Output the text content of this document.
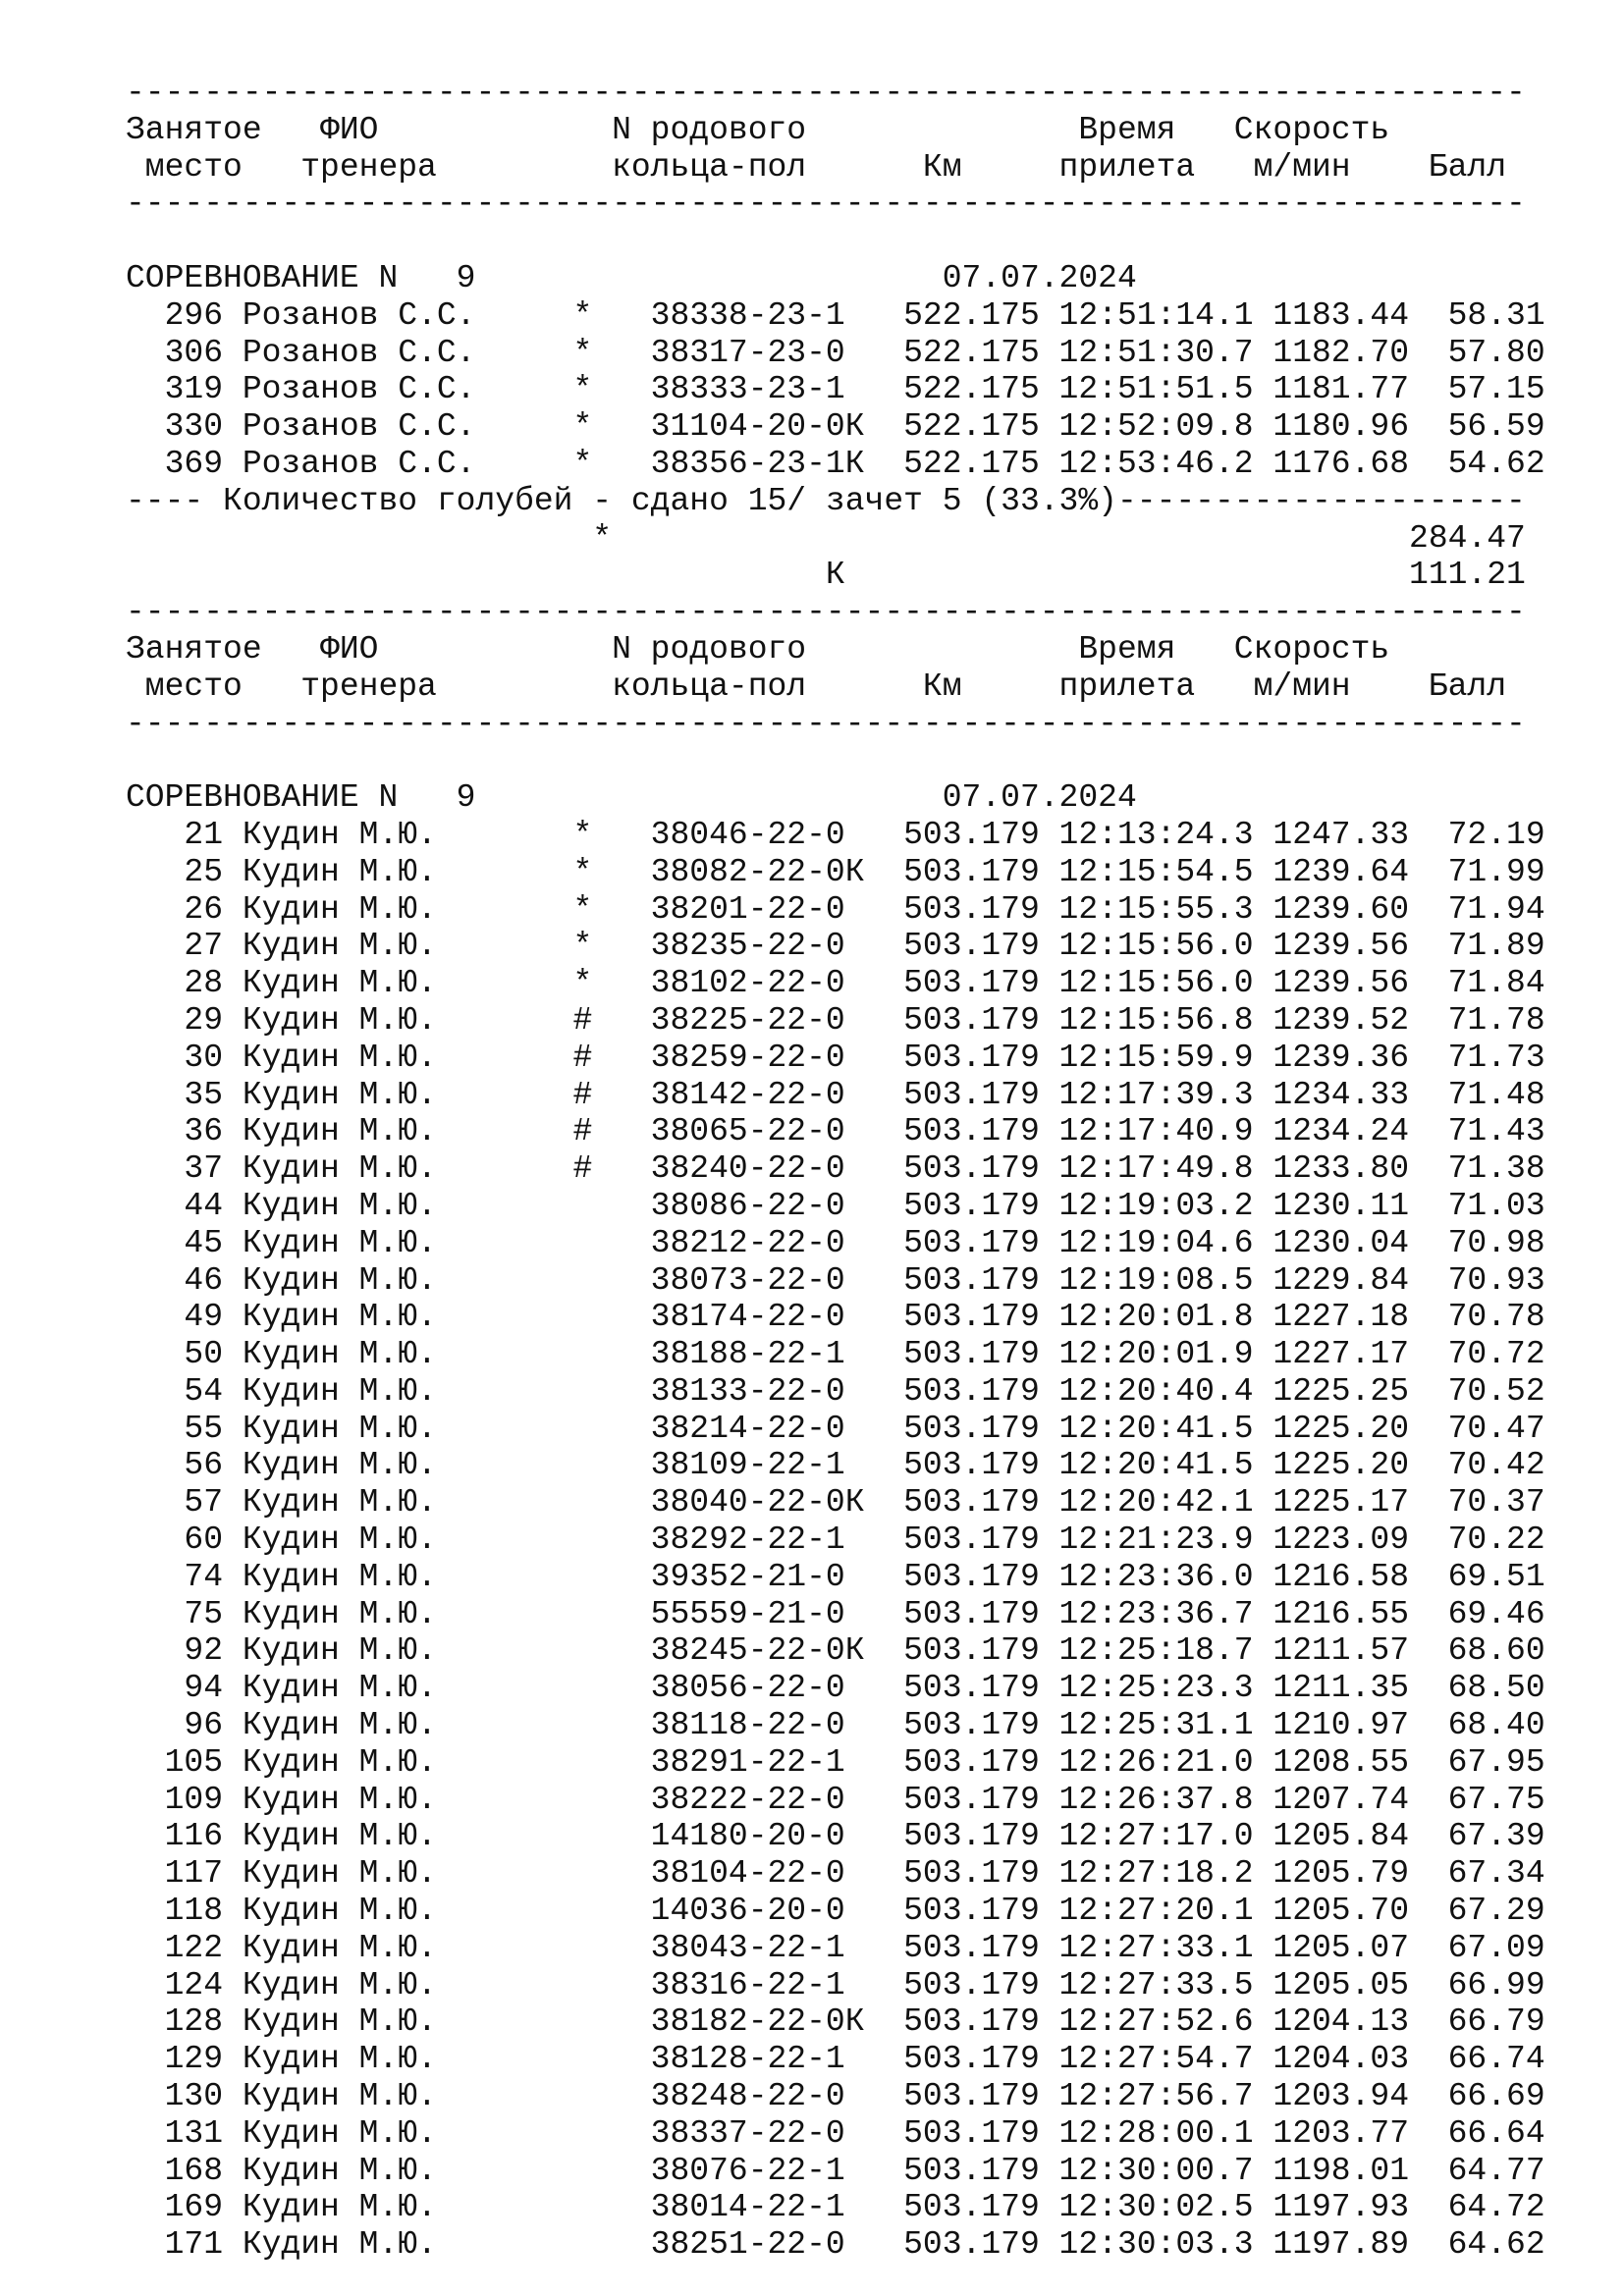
------------------------------------------------------------------------
Занятое   ФИО            N родового              Время   Скорость
место   тренера         кольца-пол      Км     прилета   м/мин    Балл
------------------------------------------------------------------------

СОРЕВНОВАНИЕ N   9                        07.07.2024
296 Розанов С.С.     *   38338-23-1   522.175 12:51:14.1 1183.44  58.31
306 Розанов С.С.     *   38317-23-0   522.175 12:51:30.7 1182.70  57.80
319 Розанов С.С.     *   38333-23-1   522.175 12:51:51.5 1181.77  57.15
330 Розанов С.С.     *   31104-20-0К  522.175 12:52:09.8 1180.96  56.59
369 Розанов С.С.     *   38356-23-1К  522.175 12:53:46.2 1176.68  54.62
---- Количество голубей - сдано 15/ зачет 5 (33.3%)---------------------
*                                         284.47
К                             111.21
------------------------------------------------------------------------
Занятое   ФИО            N родового              Время   Скорость
место   тренера         кольца-пол      Км     прилета   м/мин    Балл
------------------------------------------------------------------------

СОРЕВНОВАНИЕ N   9                        07.07.2024
21 Кудин М.Ю.       *   38046-22-0   503.179 12:13:24.3 1247.33  72.19
25 Кудин М.Ю.       *   38082-22-0К  503.179 12:15:54.5 1239.64  71.99
26 Кудин М.Ю.       *   38201-22-0   503.179 12:15:55.3 1239.60  71.94
27 Кудин М.Ю.       *   38235-22-0   503.179 12:15:56.0 1239.56  71.89
28 Кудин М.Ю.       *   38102-22-0   503.179 12:15:56.0 1239.56  71.84
29 Кудин М.Ю.       #   38225-22-0   503.179 12:15:56.8 1239.52  71.78
30 Кудин М.Ю.       #   38259-22-0   503.179 12:15:59.9 1239.36  71.73
35 Кудин М.Ю.       #   38142-22-0   503.179 12:17:39.3 1234.33  71.48
36 Кудин М.Ю.       #   38065-22-0   503.179 12:17:40.9 1234.24  71.43
37 Кудин М.Ю.       #   38240-22-0   503.179 12:17:49.8 1233.80  71.38
44 Кудин М.Ю.           38086-22-0   503.179 12:19:03.2 1230.11  71.03
45 Кудин М.Ю.           38212-22-0   503.179 12:19:04.6 1230.04  70.98
46 Кудин М.Ю.           38073-22-0   503.179 12:19:08.5 1229.84  70.93
49 Кудин М.Ю.           38174-22-0   503.179 12:20:01.8 1227.18  70.78
50 Кудин М.Ю.           38188-22-1   503.179 12:20:01.9 1227.17  70.72
54 Кудин М.Ю.           38133-22-0   503.179 12:20:40.4 1225.25  70.52
55 Кудин М.Ю.           38214-22-0   503.179 12:20:41.5 1225.20  70.47
56 Кудин М.Ю.           38109-22-1   503.179 12:20:41.5 1225.20  70.42
57 Кудин М.Ю.           38040-22-0К  503.179 12:20:42.1 1225.17  70.37
60 Кудин М.Ю.           38292-22-1   503.179 12:21:23.9 1223.09  70.22
74 Кудин М.Ю.           39352-21-0   503.179 12:23:36.0 1216.58  69.51
75 Кудин М.Ю.           55559-21-0   503.179 12:23:36.7 1216.55  69.46
92 Кудин М.Ю.           38245-22-0К  503.179 12:25:18.7 1211.57  68.60
94 Кудин М.Ю.           38056-22-0   503.179 12:25:23.3 1211.35  68.50
96 Кудин М.Ю.           38118-22-0   503.179 12:25:31.1 1210.97  68.40
105 Кудин М.Ю.           38291-22-1   503.179 12:26:21.0 1208.55  67.95
109 Кудин М.Ю.           38222-22-0   503.179 12:26:37.8 1207.74  67.75
116 Кудин М.Ю.           14180-20-0   503.179 12:27:17.0 1205.84  67.39
117 Кудин М.Ю.           38104-22-0   503.179 12:27:18.2 1205.79  67.34
118 Кудин М.Ю.           14036-20-0   503.179 12:27:20.1 1205.70  67.29
122 Кудин М.Ю.           38043-22-1   503.179 12:27:33.1 1205.07  67.09
124 Кудин М.Ю.           38316-22-1   503.179 12:27:33.5 1205.05  66.99
128 Кудин М.Ю.           38182-22-0К  503.179 12:27:52.6 1204.13  66.79
129 Кудин М.Ю.           38128-22-1   503.179 12:27:54.7 1204.03  66.74
130 Кудин М.Ю.           38248-22-0   503.179 12:27:56.7 1203.94  66.69
131 Кудин М.Ю.           38337-22-0   503.179 12:28:00.1 1203.77  66.64
168 Кудин М.Ю.           38076-22-1   503.179 12:30:00.7 1198.01  64.77
169 Кудин М.Ю.           38014-22-1   503.179 12:30:02.5 1197.93  64.72
171 Кудин М.Ю.           38251-22-0   503.179 12:30:03.3 1197.89  64.62
